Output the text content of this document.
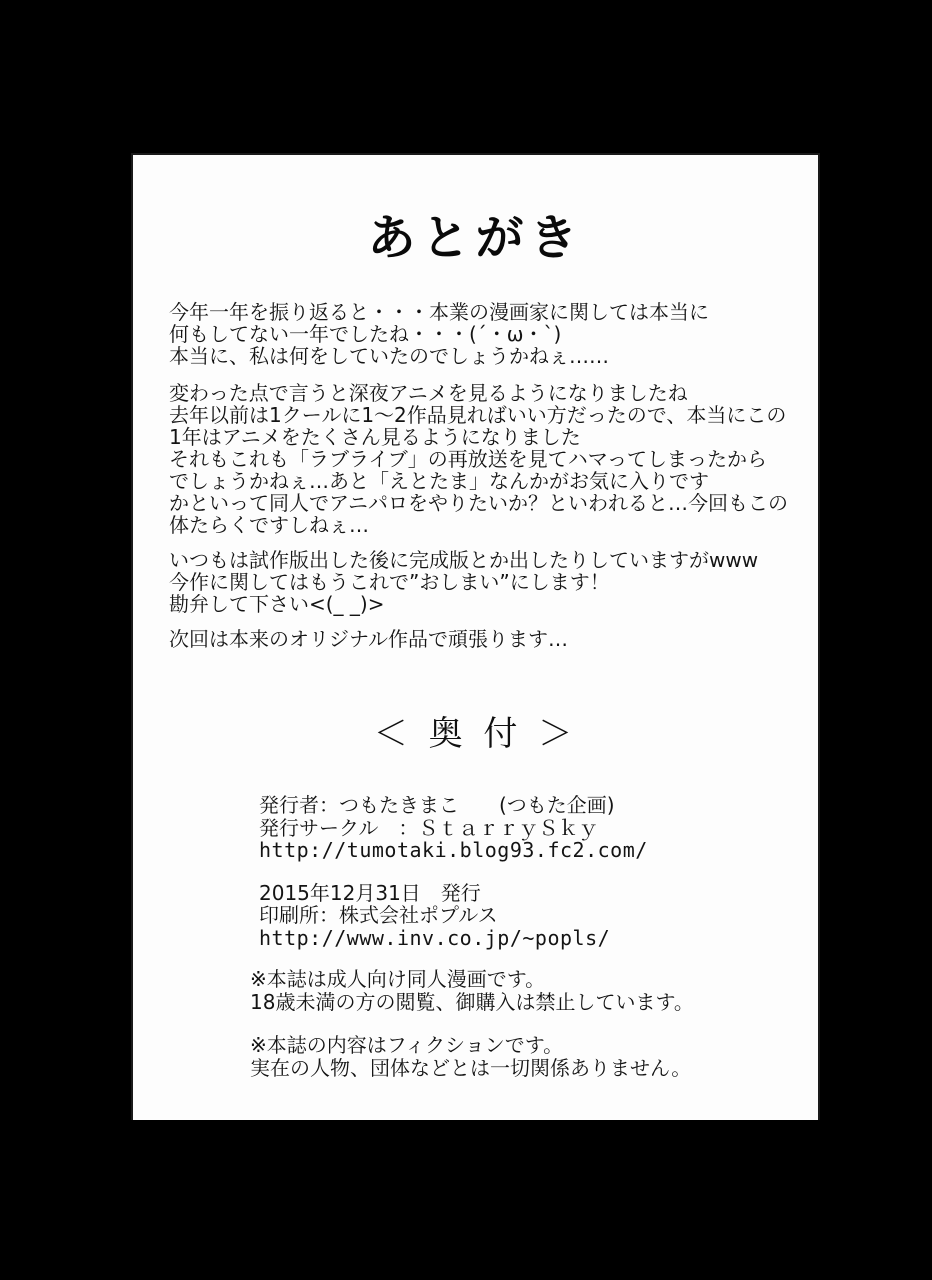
あとがき
今年一年を振り返ると・・・本業の漫画家に関しては本当に
何もしてない一年でしたね・・・(´・ω・`)
本当に、私は何をしていたのでしょうかねぇ……
変わった点で言うと深夜アニメを見るようになりましたね
去年以前は1クールに1～2作品見ればいい方だったので、本当にこの
1年はアニメをたくさん見るようになりました
それもこれも「ラブライブ」の再放送を見てハマってしまったから
でしょうかねぇ…あと「えとたま」なんかがお気に入りです
かといって同人でアニパロをやりたいか？といわれると…今回もこの
体たらくですしねぇ…
いつもは試作版出した後に完成版とか出したりしていますがwww
今作に関してはもうこれで”おしまい”にします！
勘弁して下さい<(_ _)>
次回は本来のオリジナル作品で頑張ります…
＜ 奥 付 ＞
発行者：つもたきまこ　　(つもた企画)
発行サークル　：ＳｔａｒｒｙＳｋｙ
http://tumotaki.blog93.fc2.com/
2015年12月31日　発行
印刷所：株式会社ポプルス
http://www.inv.co.jp/~popls/
※本誌は成人向け同人漫画です。
18歳未満の方の閲覧、御購入は禁止しています。
※本誌の内容はフィクションです。
実在の人物、団体などとは一切関係ありません。
